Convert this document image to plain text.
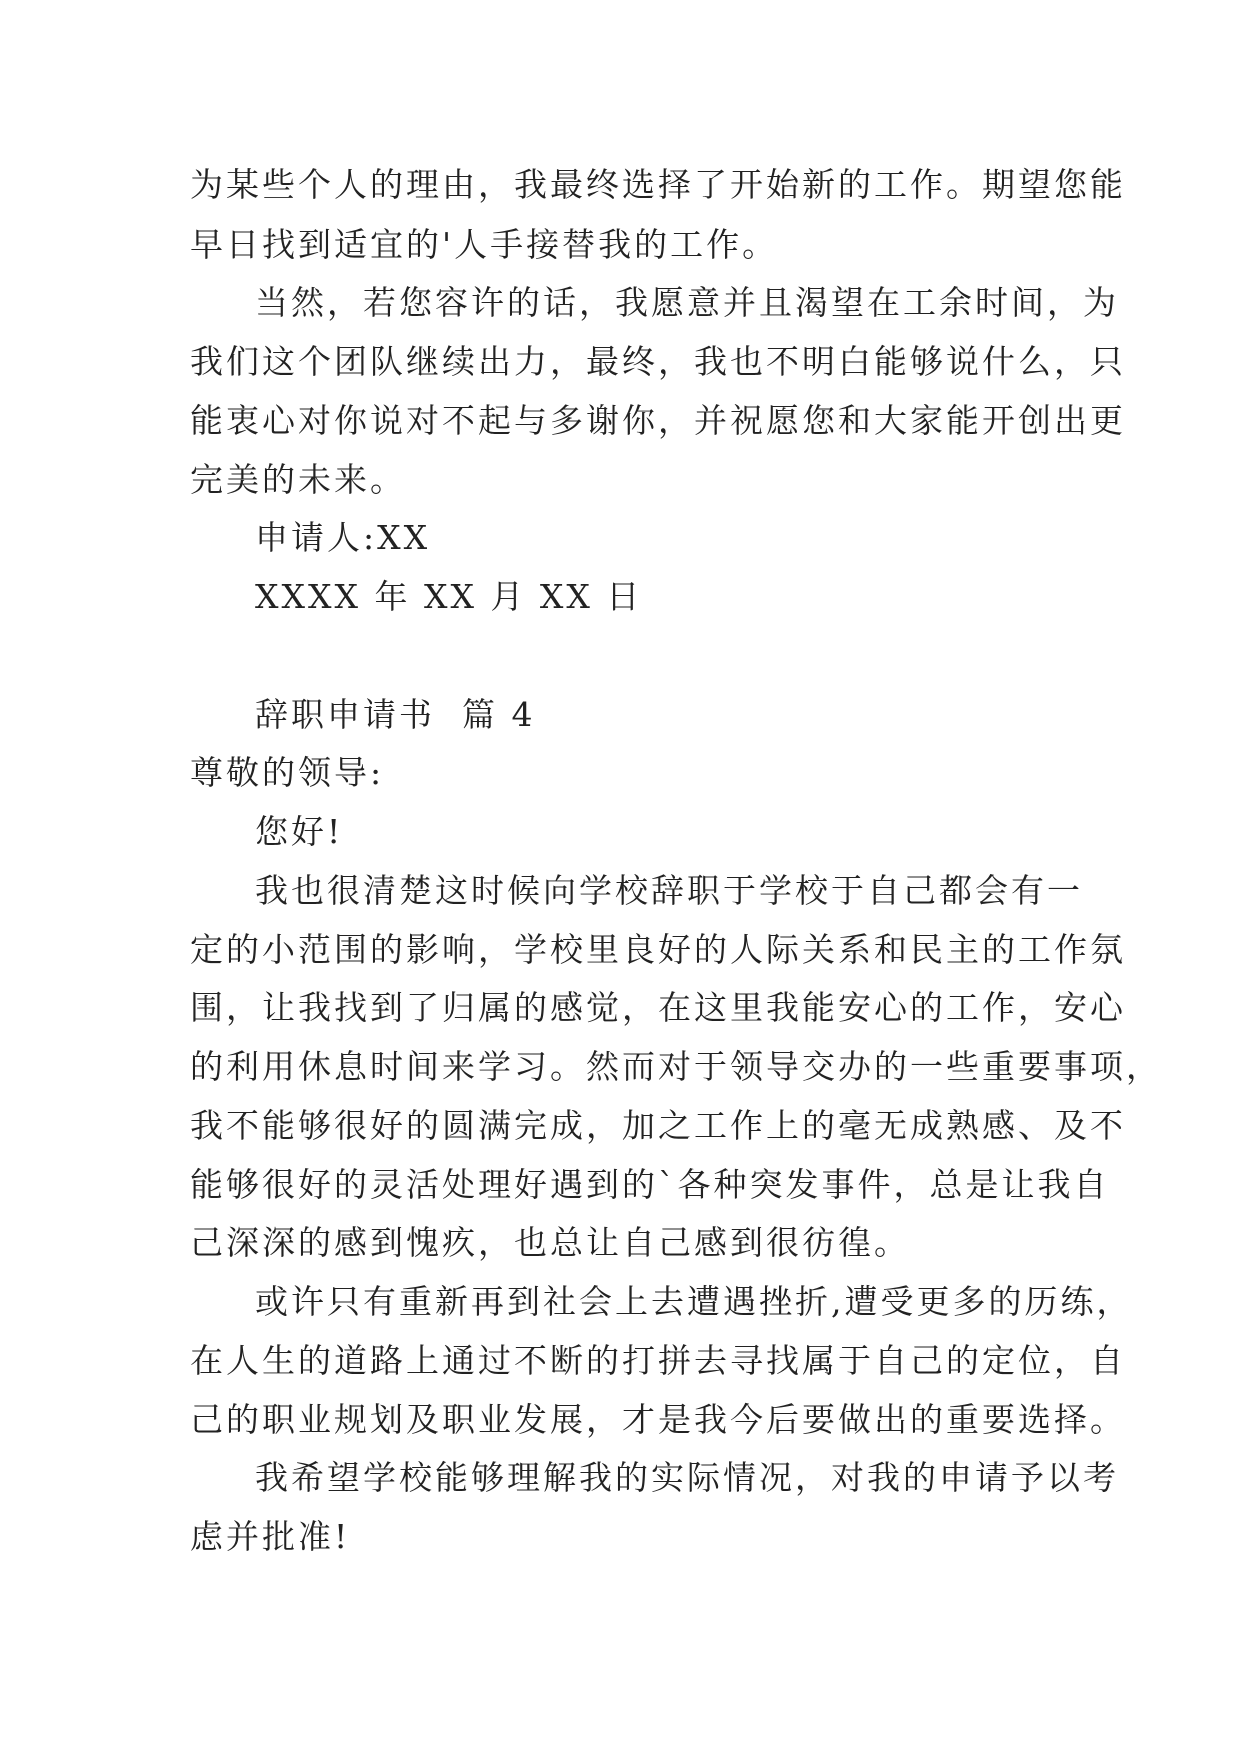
为某些个人的理由，我最终选择了开始新的工作。期望您能
早日找到适宜的'人手接替我的工作。
当然，若您容许的话，我愿意并且渴望在工余时间，为
我们这个团队继续出力，最终，我也不明白能够说什么，只
能衷心对你说对不起与多谢你，并祝愿您和大家能开创出更
完美的未来。
申请人:XX
XXXX 年 XX 月 XX 日
辞职申请书  篇 4
尊敬的领导:
您好!
我也很清楚这时候向学校辞职于学校于自己都会有一
定的小范围的影响，学校里良好的人际关系和民主的工作氛
围，让我找到了归属的感觉，在这里我能安心的工作，安心
的利用休息时间来学习。然而对于领导交办的一些重要事项，
我不能够很好的圆满完成，加之工作上的毫无成熟感、及不
能够很好的灵活处理好遇到的`各种突发事件，总是让我自
己深深的感到愧疚，也总让自己感到很彷徨。
或许只有重新再到社会上去遭遇挫折,遭受更多的历练，
在人生的道路上通过不断的打拼去寻找属于自己的定位，自
己的职业规划及职业发展，才是我今后要做出的重要选择。
我希望学校能够理解我的实际情况，对我的申请予以考
虑并批准!
